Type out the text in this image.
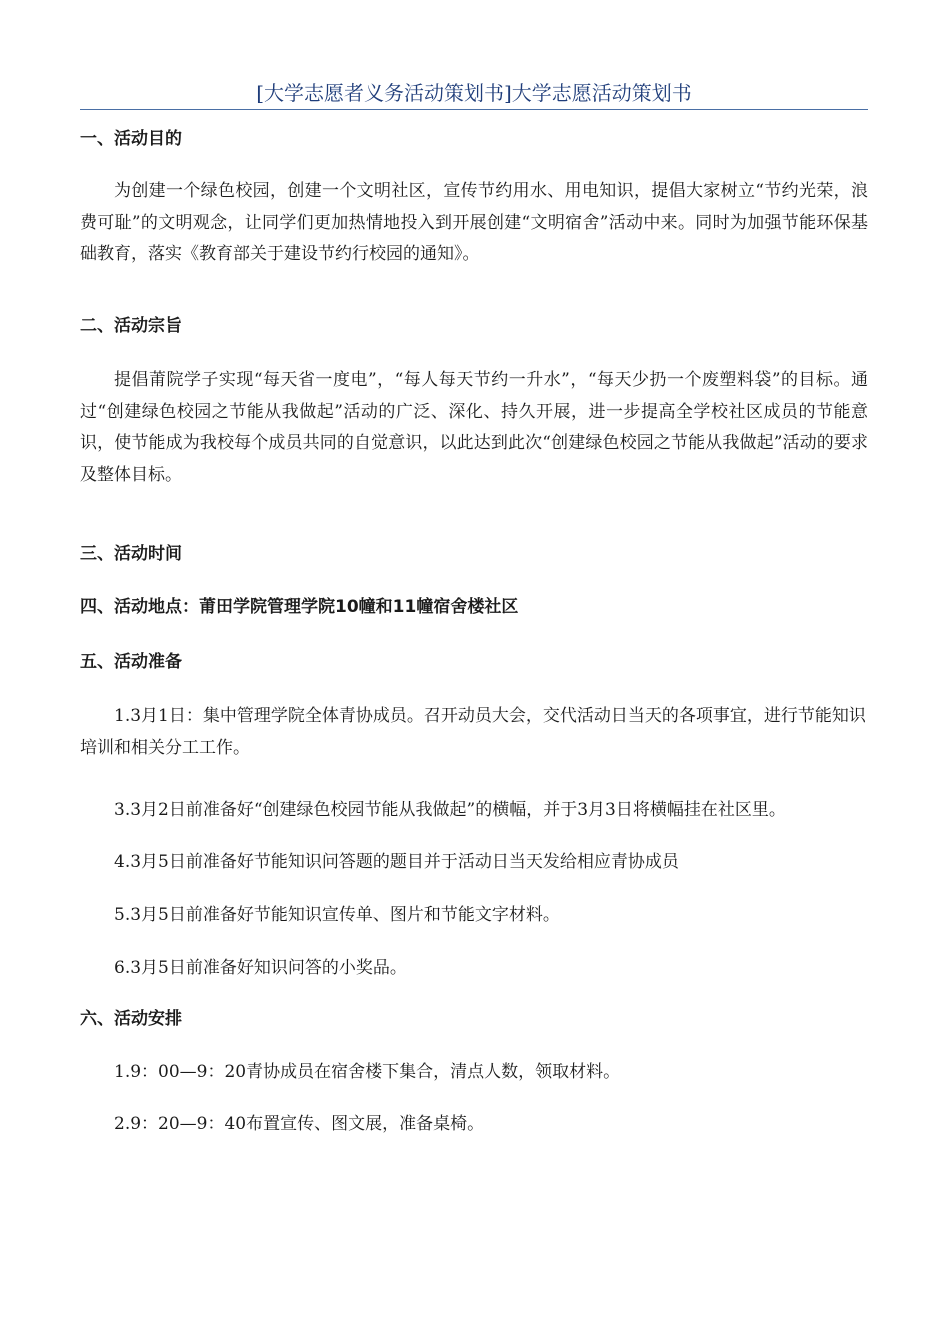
[大学志愿者义务活动策划书]大学志愿活动策划书
一、活动目的

为创建一个绿色校园，创建一个文明社区，宣传节约用水、用电知识，提倡大家树立“节约光荣，浪费可耻”的文明观念，让同学们更加热情地投入到开展创建“文明宿舍”活动中来。同时为加强节能环保基础教育，落实《教育部关于建设节约行校园的通知》。

二、活动宗旨

提倡莆院学子实现“每天省一度电”，“每人每天节约一升水”，“每天少扔一个废塑料袋”的目标。通过“创建绿色校园之节能从我做起”活动的广泛、深化、持久开展，进一步提高全学校社区成员的节能意识，使节能成为我校每个成员共同的自觉意识，以此达到此次“创建绿色校园之节能从我做起”活动的要求及整体目标。

三、活动时间
四、活动地点：莆田学院管理学院10幢和11幢宿舍楼社区
五、活动准备

1.3月1日：集中管理学院全体青协成员。召开动员大会，交代活动日当天的各项事宜，进行节能知识培训和相关分工工作。

3.3月2日前准备好“创建绿色校园节能从我做起”的横幅，并于3月3日将横幅挂在社区里。

4.3月5日前准备好节能知识问答题的题目并于活动日当天发给相应青协成员

5.3月5日前准备好节能知识宣传单、图片和节能文字材料。

6.3月5日前准备好知识问答的小奖品。

六、活动安排

1.9：00—9：20青协成员在宿舍楼下集合，清点人数，领取材料。

2.9：20—9：40布置宣传、图文展，准备桌椅。
